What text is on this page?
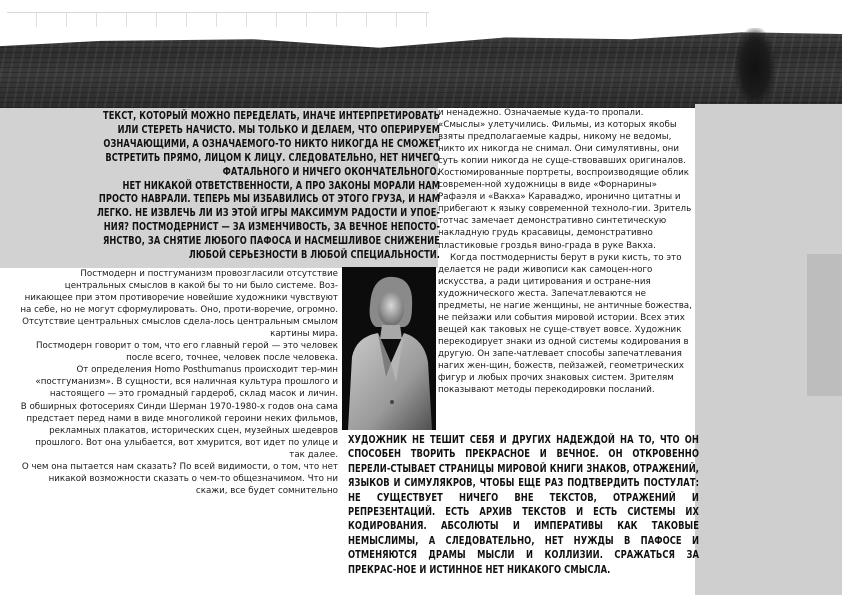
ТЕКСТ, КОТОРЫЙ МОЖНО ПЕРЕДЕЛАТЬ, ИНАЧЕ ИНТЕРПРЕТИРОВАТЬ

ИЛИ СТЕРЕТЬ НАЧИСТО. МЫ ТОЛЬКО И ДЕЛАЕМ, ЧТО ОПЕРИРУЕМ

ОЗНАЧАЮЩИМИ, А ОЗНАЧАЕМОГО-ТО НИКТО НИКОГДА НЕ СМОЖЕТ

ВСТРЕТИТЬ ПРЯМО, ЛИЦОМ К ЛИЦУ. СЛЕДОВАТЕЛЬНО, НЕТ НИЧЕГО

ФАТАЛЬНОГО И НИЧЕГО ОКОНЧАТЕЛЬНОГО.

НЕТ НИКАКОЙ ОТВЕТСТВЕННОСТИ, А ПРО ЗАКОНЫ МОРАЛИ НАМ

ПРОСТО НАВРАЛИ. ТЕПЕРЬ МЫ ИЗБАВИЛИСЬ ОТ ЭТОГО ГРУЗА, И НАМ

ЛЕГКО. НЕ ИЗВЛЕЧЬ ЛИ ИЗ ЭТОЙ ИГРЫ МАКСИМУМ РАДОСТИ И УПОЕ-

НИЯ? ПОСТМОДЕРНИСТ — ЗА ИЗМЕНЧИВОСТЬ, ЗА ВЕЧНОЕ НЕПОСТО-

ЯНСТВО, ЗА СНЯТИЕ ЛЮБОГО ПАФОСА И НАСМЕШЛИВОЕ СНИЖЕНИЕ

ЛЮБОЙ СЕРЬЕЗНОСТИ В ЛЮБОЙ СПЕЦИАЛЬНОСТИ.

Постмодерн и постгуманизм провозгласили отсутствие центральных смыслов в какой бы то ни было системе. Воз-никающее при этом противоречие новейшие художники чувствуют на себе, но не могут сформулировать. Оно, проти-воречие, огромно. Отсутствие центральных смыслов сдела-лось центральным смылом картины мира.

Постмодерн говорит о том, что его главный герой — это человек после всего, точнее, человек после человека.

От определения Homo Posthumanus происходит тер-мин «постгуманизм». В сущности, вся наличная культура прошлого и настоящего — это громадный гардероб, склад масок и личин.

В обширных фотосериях Синди Шерман 1970-1980-х годов она сама предстает перед нами в виде многоликой героини неких фильмов, рекламных плакатов, исторических сцен, музейных шедевров прошлого. Вот она улыбается, вот хмурится, вот идет по улице и так далее.

О чем она пытается нам сказать? По всей видимости, о том, что нет никакой возможности сказать о чем-то общезначимом. Что ни скажи, все будет сомнительно

и ненадежно. Означаемые куда-то пропали. «Смыслы» улетучились. Фильмы, из которых якобы взяты предполагаемые кадры, никому не ведомы, никто их никогда не снимал. Они симулятивны, они суть копии никогда не суще-ствовавших оригиналов. Костюмированные портреты, воспроизводящие облик современ-ной художницы в виде «Форнарины» Рафаэля и «Вакха» Караваджо, иронично цитатны и прибегают к языку современной техноло-гии. Зритель тотчас замечает демонстративно синтетическую накладную грудь красавицы, демонстративно пластиковые гроздья вино-града в руке Вакха.

Когда постмодернисты берут в руки кисть, то это делается не ради живописи как самоцен-ного искусства, а ради цитирования и остране-ния художнического жеста. Запечатлеваются не предметы, не нагие женщины, не античные божества, не пейзажи или события мировой истории. Всех этих вещей как таковых не суще-ствует вовсе. Художник перекодирует знаки из одной системы кодирования в другую. Он запе-чатлевает способы запечатлевания нагих жен-щин, божеств, пейзажей, геометрических фигур и любых прочих знаковых систем. Зрителям показывают методы перекодировки посланий.

ХУДОЖНИК НЕ ТЕШИТ СЕБЯ И ДРУГИХ НАДЕЖДОЙ НА ТО, ЧТО ОН СПОСОБЕН ТВОРИТЬ ПРЕКРАСНОЕ И ВЕЧНОЕ. ОН ОТКРОВЕННО ПЕРЕЛИ-СТЫВАЕТ СТРАНИЦЫ МИРОВОЙ КНИГИ ЗНАКОВ, ОТРАЖЕНИЙ, ЯЗЫКОВ И СИМУЛЯКРОВ, ЧТОБЫ ЕЩЕ РАЗ ПОДТВЕРДИТЬ ПОСТУЛАТ: НЕ СУЩЕСТВУЕТ НИЧЕГО ВНЕ ТЕКСТОВ, ОТРАЖЕНИЙ И РЕПРЕЗЕНТАЦИЙ. ЕСТЬ АРХИВ ТЕКСТОВ И ЕСТЬ СИСТЕМЫ ИХ КОДИРОВАНИЯ. АБСОЛЮТЫ И ИМПЕРАТИВЫ КАК ТАКОВЫЕ НЕМЫСЛИМЫ, А СЛЕДОВАТЕЛЬНО, НЕТ НУЖДЫ В ПАФОСЕ И ОТМЕНЯЮТСЯ ДРАМЫ МЫСЛИ И КОЛЛИЗИИ. СРАЖАТЬСЯ ЗА ПРЕКРАС-НОЕ И ИСТИННОЕ НЕТ НИКАКОГО СМЫСЛА.
